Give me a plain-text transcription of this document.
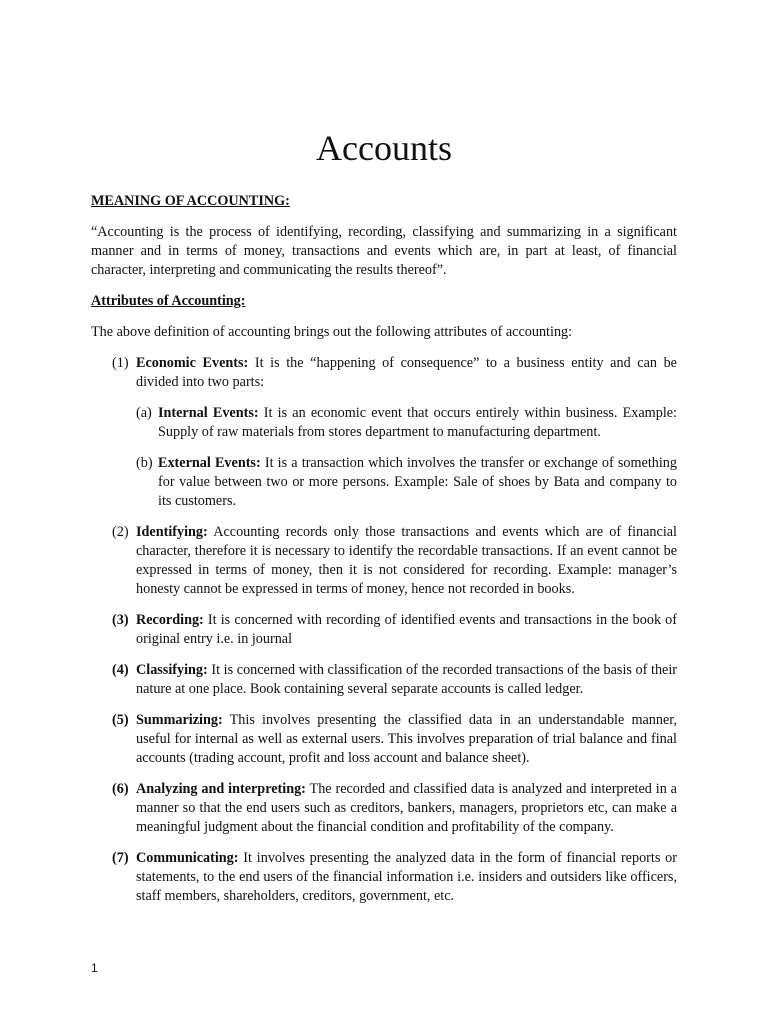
Accounts
MEANING OF ACCOUNTING:

“Accounting is the process of identifying, recording, classifying and summarizing in a significant manner and in terms of money, transactions and events which are, in part at least, of financial character, interpreting and communicating the results thereof”.

Attributes of Accounting:

The above definition of accounting brings out the following attributes of accounting:

(1) Economic Events: It is the “happening of consequence” to a business entity and can be divided into two parts:
(a) Internal Events: It is an economic event that occurs entirely within business. Example: Supply of raw materials from stores department to manufacturing department.
(b) External Events: It is a transaction which involves the transfer or exchange of something for value between two or more persons. Example: Sale of shoes by Bata and company to its customers.
(2) Identifying: Accounting records only those transactions and events which are of financial character, therefore it is necessary to identify the recordable transactions. If an event cannot be expressed in terms of money, then it is not considered for recording. Example: manager’s honesty cannot be expressed in terms of money, hence not recorded in books.
(3) Recording: It is concerned with recording of identified events and transactions in the book of original entry i.e. in journal
(4) Classifying: It is concerned with classification of the recorded transactions of the basis of their nature at one place. Book containing several separate accounts is called ledger.
(5) Summarizing: This involves presenting the classified data in an understandable manner, useful for internal as well as external users. This involves preparation of trial balance and final accounts (trading account, profit and loss account and balance sheet).
(6) Analyzing and interpreting: The recorded and classified data is analyzed and interpreted in a manner so that the end users such as creditors, bankers, managers, proprietors etc, can make a meaningful judgment about the financial condition and profitability of the company.
(7) Communicating: It involves presenting the analyzed data in the form of financial reports or statements, to the end users of the financial information i.e. insiders and outsiders like officers, staff members, shareholders, creditors, government, etc.
1
